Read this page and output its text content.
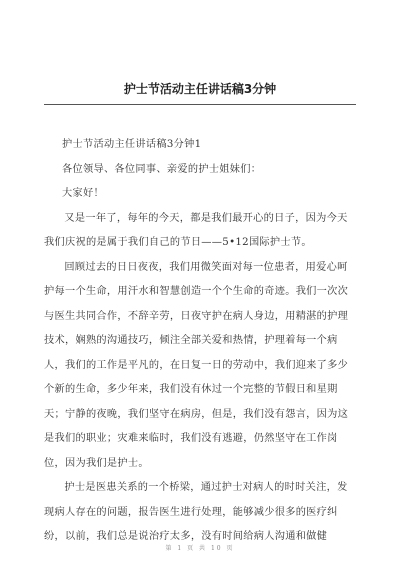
护士节活动主任讲话稿3分钟

护士节活动主任讲话稿3分钟1

各位领导、各位同事、亲爱的护士姐妹们：

大家好！

又是一年了，每年的今天，都是我们最开心的日子，因为今天我们庆祝的是属于我们自己的节日——5•12国际护士节。

回顾过去的日日夜夜，我们用微笑面对每一位患者，用爱心呵护每一个生命，用汗水和智慧创造一个个生命的奇迹。我们一次次与医生共同合作，不辞辛劳，日夜守护在病人身边，用精湛的护理技术，娴熟的沟通技巧，倾注全部关爱和热情，护理着每一个病人，我们的工作是平凡的，在日复一日的劳动中，我们迎来了多少个新的生命，多少年来，我们没有休过一个完整的节假日和星期天；宁静的夜晚，我们坚守在病房，但是，我们没有怨言，因为这是我们的职业；灾难来临时，我们没有逃避，仍然坚守在工作岗位，因为我们是护士。

护士是医患关系的一个桥梁，通过护士对病人的时时关注，发现病人存在的问题，报告医生进行处理，能够减少很多的医疗纠纷，以前，我们总是说治疗太多，没有时间给病人沟通和做健

第 1 页 共 10 页
